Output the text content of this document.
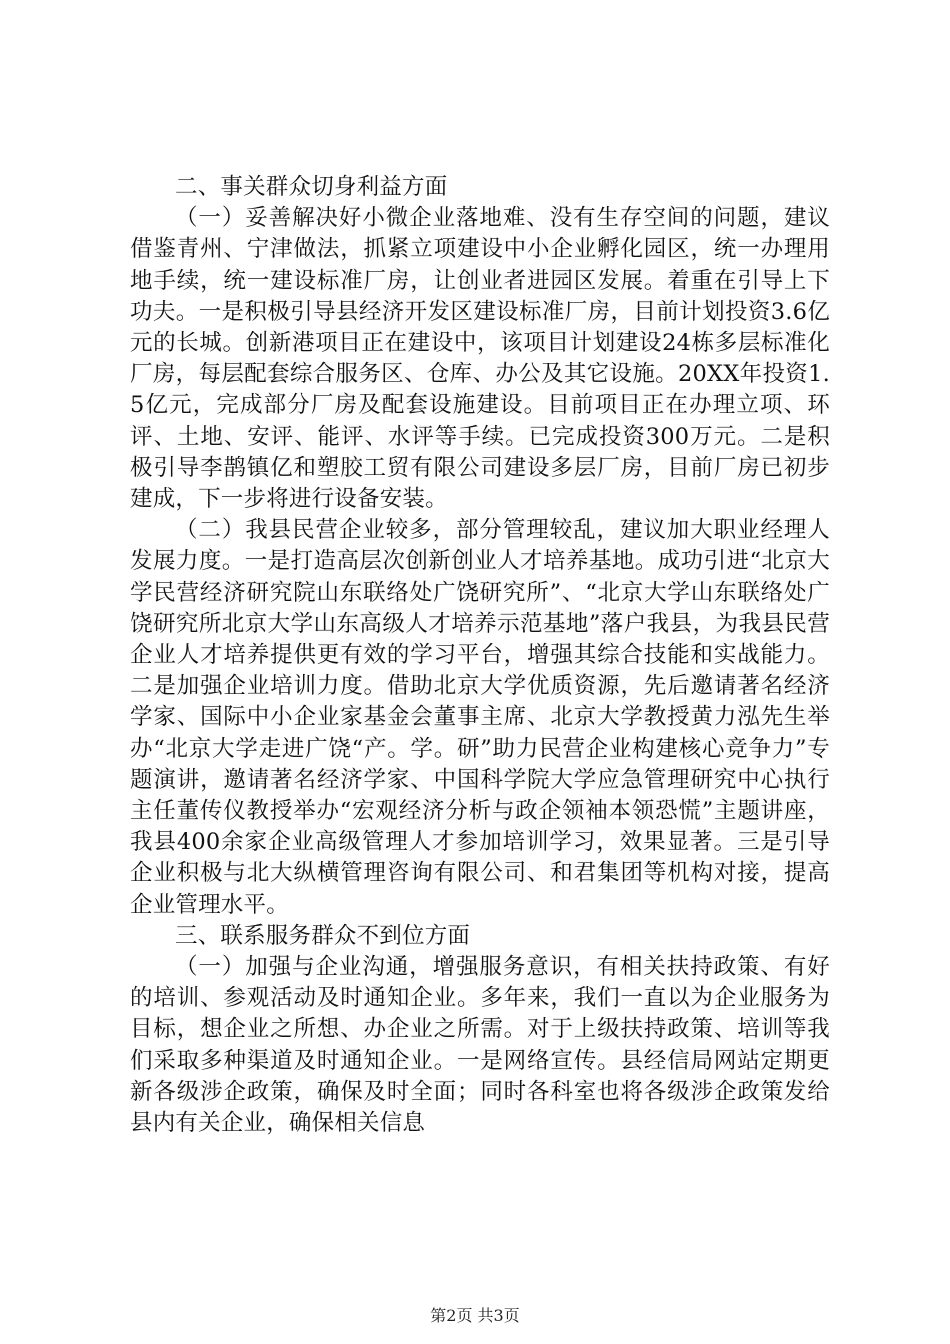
二、事关群众切身利益方面

（一）妥善解决好小微企业落地难、没有生存空间的问题，建议借鉴青州、宁津做法，抓紧立项建设中小企业孵化园区，统一办理用地手续，统一建设标准厂房，让创业者进园区发展。着重在引导上下功夫。一是积极引导县经济开发区建设标准厂房，目前计划投资3.6亿元的长城。创新港项目正在建设中，该项目计划建设24栋多层标准化厂房，每层配套综合服务区、仓库、办公及其它设施。20XX年投资1.5亿元，完成部分厂房及配套设施建设。目前项目正在办理立项、环评、土地、安评、能评、水评等手续。已完成投资300万元。二是积极引导李鹊镇亿和塑胶工贸有限公司建设多层厂房，目前厂房已初步建成，下一步将进行设备安装。

（二）我县民营企业较多，部分管理较乱，建议加大职业经理人发展力度。一是打造高层次创新创业人才培养基地。成功引进“北京大学民营经济研究院山东联络处广饶研究所”、“北京大学山东联络处广饶研究所北京大学山东高级人才培养示范基地”落户我县，为我县民营企业人才培养提供更有效的学习平台，增强其综合技能和实战能力。二是加强企业培训力度。借助北京大学优质资源，先后邀请著名经济学家、国际中小企业家基金会董事主席、北京大学教授黄力泓先生举办“北京大学走进广饶“产。学。研”助力民营企业构建核心竞争力”专题演讲，邀请著名经济学家、中国科学院大学应急管理研究中心执行主任董传仪教授举办“宏观经济分析与政企领袖本领恐慌”主题讲座，我县400余家企业高级管理人才参加培训学习，效果显著。三是引导企业积极与北大纵横管理咨询有限公司、和君集团等机构对接，提高企业管理水平。

三、联系服务群众不到位方面

（一）加强与企业沟通，增强服务意识，有相关扶持政策、有好的培训、参观活动及时通知企业。多年来，我们一直以为企业服务为目标，想企业之所想、办企业之所需。对于上级扶持政策、培训等我们采取多种渠道及时通知企业。一是网络宣传。县经信局网站定期更新各级涉企政策，确保及时全面；同时各科室也将各级涉企政策发给县内有关企业，确保相关信息

第2页 共3页
